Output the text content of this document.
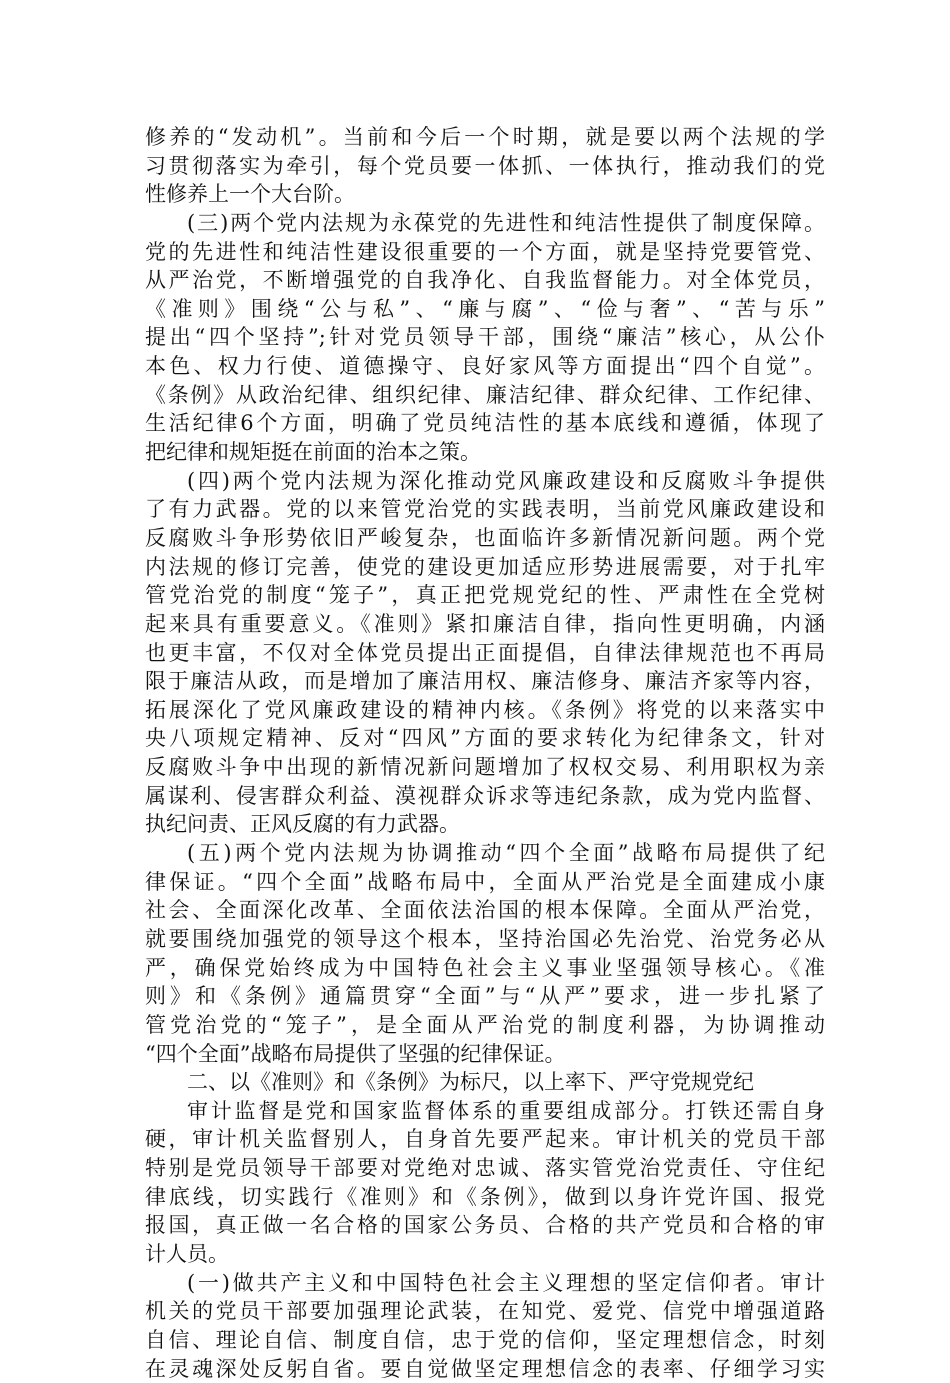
修养的“发动机”。当前和今后一个时期，就是要以两个法规的学
习贯彻落实为牵引，每个党员要一体抓、一体执行，推动我们的党
性修养上一个大台阶。
(三)两个党内法规为永葆党的先进性和纯洁性提供了制度保障。
党的先进性和纯洁性建设很重要的一个方面，就是坚持党要管党、
从严治党，不断增强党的自我净化、自我监督能力。对全体党员，
《准则》围绕“公与私”、“廉与腐”、“俭与奢”、“苦与乐”
提出“四个坚持”;针对党员领导干部，围绕“廉洁”核心，从公仆
本色、权力行使、道德操守、良好家风等方面提出“四个自觉”。
《条例》从政治纪律、组织纪律、廉洁纪律、群众纪律、工作纪律、
生活纪律6个方面，明确了党员纯洁性的基本底线和遵循，体现了
把纪律和规矩挺在前面的治本之策。
(四)两个党内法规为深化推动党风廉政建设和反腐败斗争提供
了有力武器。党的以来管党治党的实践表明，当前党风廉政建设和
反腐败斗争形势依旧严峻复杂，也面临许多新情况新问题。两个党
内法规的修订完善，使党的建设更加适应形势进展需要，对于扎牢
管党治党的制度“笼子”，真正把党规党纪的性、严肃性在全党树
起来具有重要意义。《准则》紧扣廉洁自律，指向性更明确，内涵
也更丰富，不仅对全体党员提出正面提倡，自律法律规范也不再局
限于廉洁从政，而是增加了廉洁用权、廉洁修身、廉洁齐家等内容，
拓展深化了党风廉政建设的精神内核。《条例》将党的以来落实中
央八项规定精神、反对“四风”方面的要求转化为纪律条文，针对
反腐败斗争中出现的新情况新问题增加了权权交易、利用职权为亲
属谋利、侵害群众利益、漠视群众诉求等违纪条款，成为党内监督、
执纪问责、正风反腐的有力武器。
(五)两个党内法规为协调推动“四个全面”战略布局提供了纪
律保证。“四个全面”战略布局中，全面从严治党是全面建成小康
社会、全面深化改革、全面依法治国的根本保障。全面从严治党，
就要围绕加强党的领导这个根本，坚持治国必先治党、治党务必从
严，确保党始终成为中国特色社会主义事业坚强领导核心。《准
则》和《条例》通篇贯穿“全面”与“从严”要求，进一步扎紧了
管党治党的“笼子”，是全面从严治党的制度利器，为协调推动
“四个全面”战略布局提供了坚强的纪律保证。
二、以《准则》和《条例》为标尺，以上率下、严守党规党纪
审计监督是党和国家监督体系的重要组成部分。打铁还需自身
硬，审计机关监督别人，自身首先要严起来。审计机关的党员干部
特别是党员领导干部要对党绝对忠诚、落实管党治党责任、守住纪
律底线，切实践行《准则》和《条例》，做到以身许党许国、报党
报国，真正做一名合格的国家公务员、合格的共产党员和合格的审
计人员。
(一)做共产主义和中国特色社会主义理想的坚定信仰者。审计
机关的党员干部要加强理论武装，在知党、爱党、信党中增强道路
自信、理论自信、制度自信，忠于党的信仰，坚定理想信念，时刻
在灵魂深处反躬自省。要自觉做坚定理想信念的表率、仔细学习实
